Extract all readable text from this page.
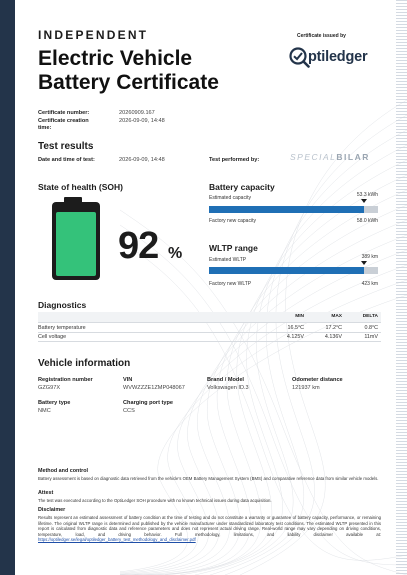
INDEPENDENT
Electric Vehicle
Battery Certificate
Certificate issued by
ptiledger
Certificate number:	20260909.167
Certificate creation
time:
2026-09-09, 14:48
Test results
Date and time of test:	2026-09-09, 14:48	Test performed by:	SPECIALBILAR
State of health (SOH)
92 %
Battery capacity
Estimated capacity	53.3 kWh
Factory new capacity	58.0 kWh
WLTP range
Estimated WLTP	389 km
Factory new WLTP	423 km
Diagnostics
MIN	MAX	DELTA
Battery temperature	16.5°C	17.2°C	0.8°C
Cell voltage	4.125V	4.136V	11mV
Vehicle information
Registration number
GZG97X
VIN
WVWZZZE1ZMP048067
Brand / Model
Volkswagen ID.3
Odometer distance
121937 km
Battery type
NMC
Charging port type
CCS
Method and control
Battery assessment is based on diagnostic data retrieved from the vehicle's OEM Battery Management System (BMS) and comparative reference data from similar vehicle models.
Attest
The test was executed according to the OptiLedger SOH procedure with no known technical issues during data acquisition.
Disclaimer
Results represent an estimated assessment of battery condition at the time of testing and do not constitute a warranty or guarantee of battery capacity, performance, or remaining lifetime. The original WLTP range is determined and published by the vehicle manufacturer under standardized laboratory test conditions. The estimated WLTP presented in this report is calculated from diagnostic data and reference parameters and does not represent actual driving range. Real-world range may vary depending on driving conditions, temperature, load, and driving behavior. Full methodology, limitations, and liability disclaimer available at: https://optiledger.se/legal/optiledger_battery_test_methodology_and_disclaimer.pdf
